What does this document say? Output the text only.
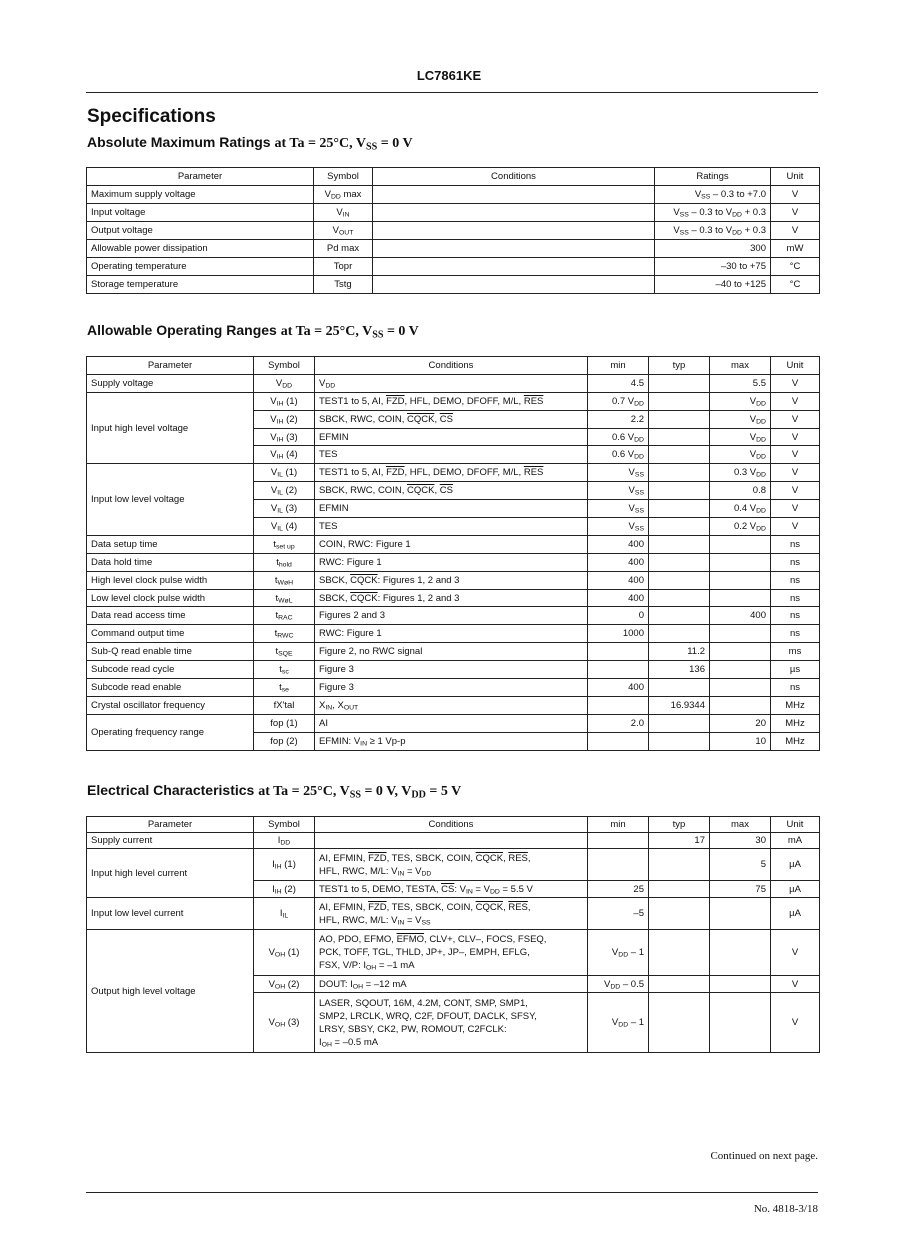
LC7861KE
Specifications
Absolute Maximum Ratings at Ta = 25°C, $V_{SS} = 0$ V
Parameter	Symbol	Conditions	Ratings	Unit
Maximum supply voltage	$V_{DD}$ max		$V_{SS} - 0.3$ to +7.0	V
Input voltage	$V_{IN}$		$V_{SS} - 0.3$ to $V_{DD} + 0.3$	V
Output voltage	$V_{OUT}$		$V_{SS} - 0.3$ to $V_{DD} + 0.3$	V
Allowable power dissipation	Pd max		300	mW
Operating temperature	Topr		–30 to +75	°C
Storage temperature	Tstg		–40 to +125	°C
Allowable Operating Ranges at Ta = 25°C, $V_{SS} = 0$ V
Parameter	Symbol	Conditions	min	typ	max	Unit
Supply voltage	$V_{DD}$	$V_{DD}$	4.5		5.5	V
Input high level voltage	$V_{IH}$ (1)	TEST1 to 5, AI, $\overline{FZD}$, HFL, DEMO, DFOFF, M/L, $\overline{RES}$	0.7 $V_{DD}$		$V_{DD}$	V
	$V_{IH}$ (2)	SBCK, RWC, COIN, CQCK, $\overline{CS}$	2.2		$V_{DD}$	V
	$V_{IH}$ (3)	EFMIN	0.6 $V_{DD}$		$V_{DD}$	V
	$V_{IH}$ (4)	TES	0.6 $V_{DD}$		$V_{DD}$	V
Input low level voltage	$V_{IL}$ (1)	TEST1 to 5, AI, $\overline{FZD}$, HFL, DEMO, DFOFF, M/L, $\overline{RES}$	$V_{SS}$		0.3 $V_{DD}$	V
	$V_{IL}$ (2)	SBCK, RWC, COIN, CQCK, $\overline{CS}$	$V_{SS}$		0.8	V
	$V_{IL}$ (3)	EFMIN	$V_{SS}$		0.4 $V_{DD}$	V
	$V_{IL}$ (4)	TES	$V_{SS}$		0.2 $V_{DD}$	V
Data setup time	$t_{set up}$	COIN, RWC: Figure 1	400			ns
Data hold time	$t_{hold}$	RWC: Figure 1	400			ns
High level clock pulse width	$t_{WøH}$	SBCK, CQCK: Figures 1, 2 and 3	400			ns
Low level clock pulse width	$t_{WøL}$	SBCK, CQCK: Figures 1, 2 and 3	400			ns
Data read access time	$t_{RAC}$	Figures 2 and 3	0		400	ns
Command output time	$t_{RWC}$	RWC: Figure 1	1000			ns
Sub-Q read enable time	$t_{SQE}$	Figure 2, no RWC signal		11.2		ms
Subcode read cycle	$t_{sc}$	Figure 3		136		µs
Subcode read enable	$t_{se}$	Figure 3	400			ns
Crystal oscillator frequency	fX'tal	$X_{IN}$, $X_{OUT}$		16.9344		MHz
Operating frequency range	fop (1)	AI	2.0		20	MHz
	fop (2)	EFMIN: $V_{IN} \ge 1$ Vp-p			10	MHz
Electrical Characteristics at Ta = 25°C, $V_{SS} = 0$ V, $V_{DD} = 5$ V
Parameter	Symbol	Conditions	min	typ	max	Unit
Supply current	$I_{DD}$			17	30	mA
Input high level current	$I_{IH}$ (1)	AI, EFMIN, $\overline{FZD}$, TES, SBCK, COIN, CQCK, $\overline{RES}$,
HFL, RWC, M/L: $V_{IN} = V_{DD}$			5	µA
	$I_{IH}$ (2)	TEST1 to 5, DEMO, TESTA, $\overline{CS}$: $V_{IN} = V_{DD} = 5.5$ V	25		75	µA
Input low level current	$I_{IL}$	AI, EFMIN, $\overline{FZD}$, TES, SBCK, COIN, CQCK, $\overline{RES}$,
HFL, RWC, M/L: $V_{IN} = V_{SS}$	–5			µA
Output high level voltage	$V_{OH}$ (1)	AO, PDO, EFMO, EFMO, CLV+, CLV–, FOCS, FSEQ,
PCK, TOFF, TGL, THLD, JP+, JP–, EMPH, EFLG,
FSX, V/P: $I_{OH} = -1$ mA	$V_{DD} - 1$			V
	$V_{OH}$ (2)	DOUT: $I_{OH} = -12$ mA	$V_{DD} - 0.5$			V
	$V_{OH}$ (3)	LASER, SQOUT, 16M, 4.2M, CONT, SMP, SMP1,
SMP2, LRCLK, WRQ, C2F, DFOUT, DACLK, SFSY,
LRSY, SBSY, CK2, PW, ROMOUT, C2FCLK:
$I_{OH} = -0.5$ mA	$V_{DD} - 1$			V
Continued on next page.
No. 4818-3/18
